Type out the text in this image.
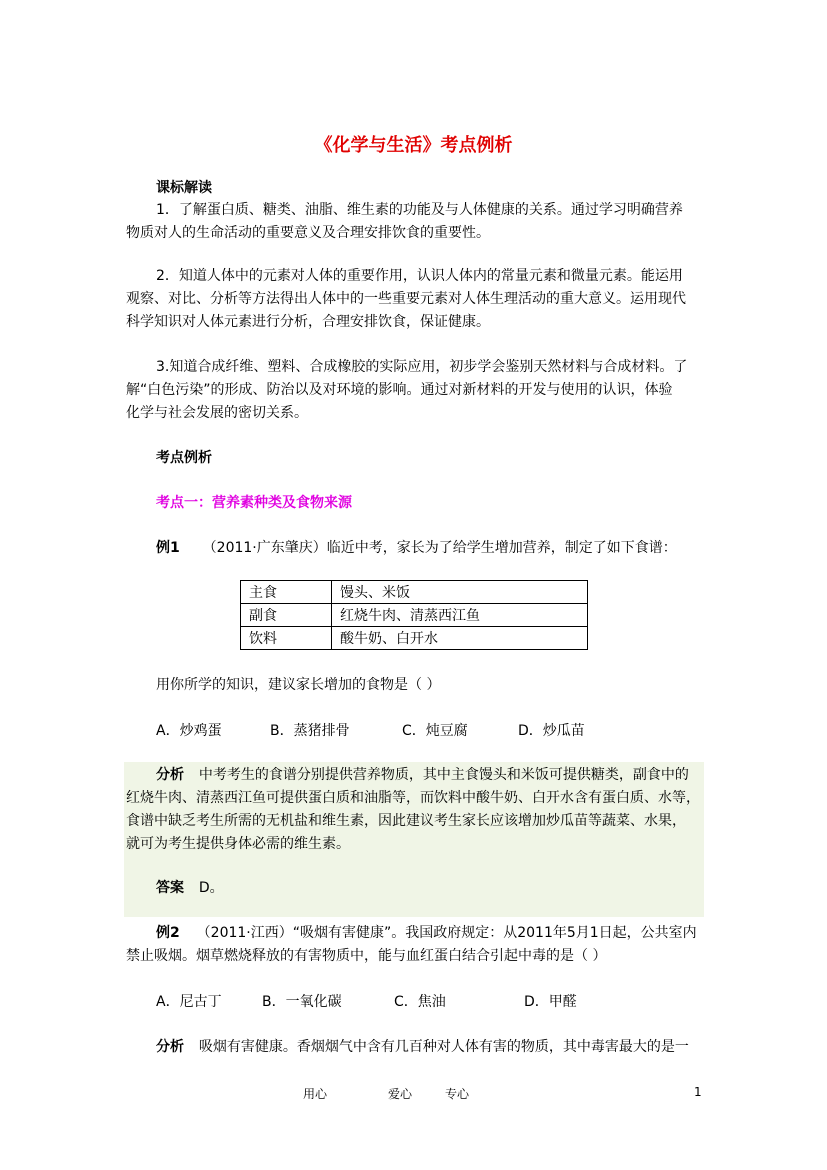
《化学与生活》考点例析
课标解读
1．了解蛋白质、糖类、油脂、维生素的功能及与人体健康的关系。通过学习明确营养
物质对人的生命活动的重要意义及合理安排饮食的重要性。
2．知道人体中的元素对人体的重要作用，认识人体内的常量元素和微量元素。能运用
观察、对比、分析等方法得出人体中的一些重要元素对人体生理活动的重大意义。运用现代
科学知识对人体元素进行分析，合理安排饮食，保证健康。
3.知道合成纤维、塑料、合成橡胶的实际应用，初步学会鉴别天然材料与合成材料。了
解“白色污染”的形成、防治以及对环境的影响。通过对新材料的开发与使用的认识，体验
化学与社会发展的密切关系。
考点例析
考点一：营养素种类及食物来源
例1 （2011·广东肇庆）临近中考，家长为了给学生增加营养，制定了如下食谱：
主食	馒头、米饭
副食	红烧牛肉、清蒸西江鱼
饮料	酸牛奶、白开水
用你所学的知识，建议家长增加的食物是（ ）
A．炒鸡蛋	B．蒸猪排骨	C．炖豆腐	D．炒瓜苗
分析 中考考生的食谱分别提供营养物质，其中主食馒头和米饭可提供糖类，副食中的
红烧牛肉、清蒸西江鱼可提供蛋白质和油脂等，而饮料中酸牛奶、白开水含有蛋白质、水等，
食谱中缺乏考生所需的无机盐和维生素，因此建议考生家长应该增加炒瓜苗等蔬菜、水果，
就可为考生提供身体必需的维生素。
答案 D。
例2 （2011·江西）“吸烟有害健康”。我国政府规定：从2011年5月1日起，公共室内
禁止吸烟。烟草燃烧释放的有害物质中，能与血红蛋白结合引起中毒的是（ ）
A．尼古丁	B．一氧化碳	C．焦油	D．甲醛
分析 吸烟有害健康。香烟烟气中含有几百种对人体有害的物质，其中毒害最大的是一
用心	爱心	专心	1
